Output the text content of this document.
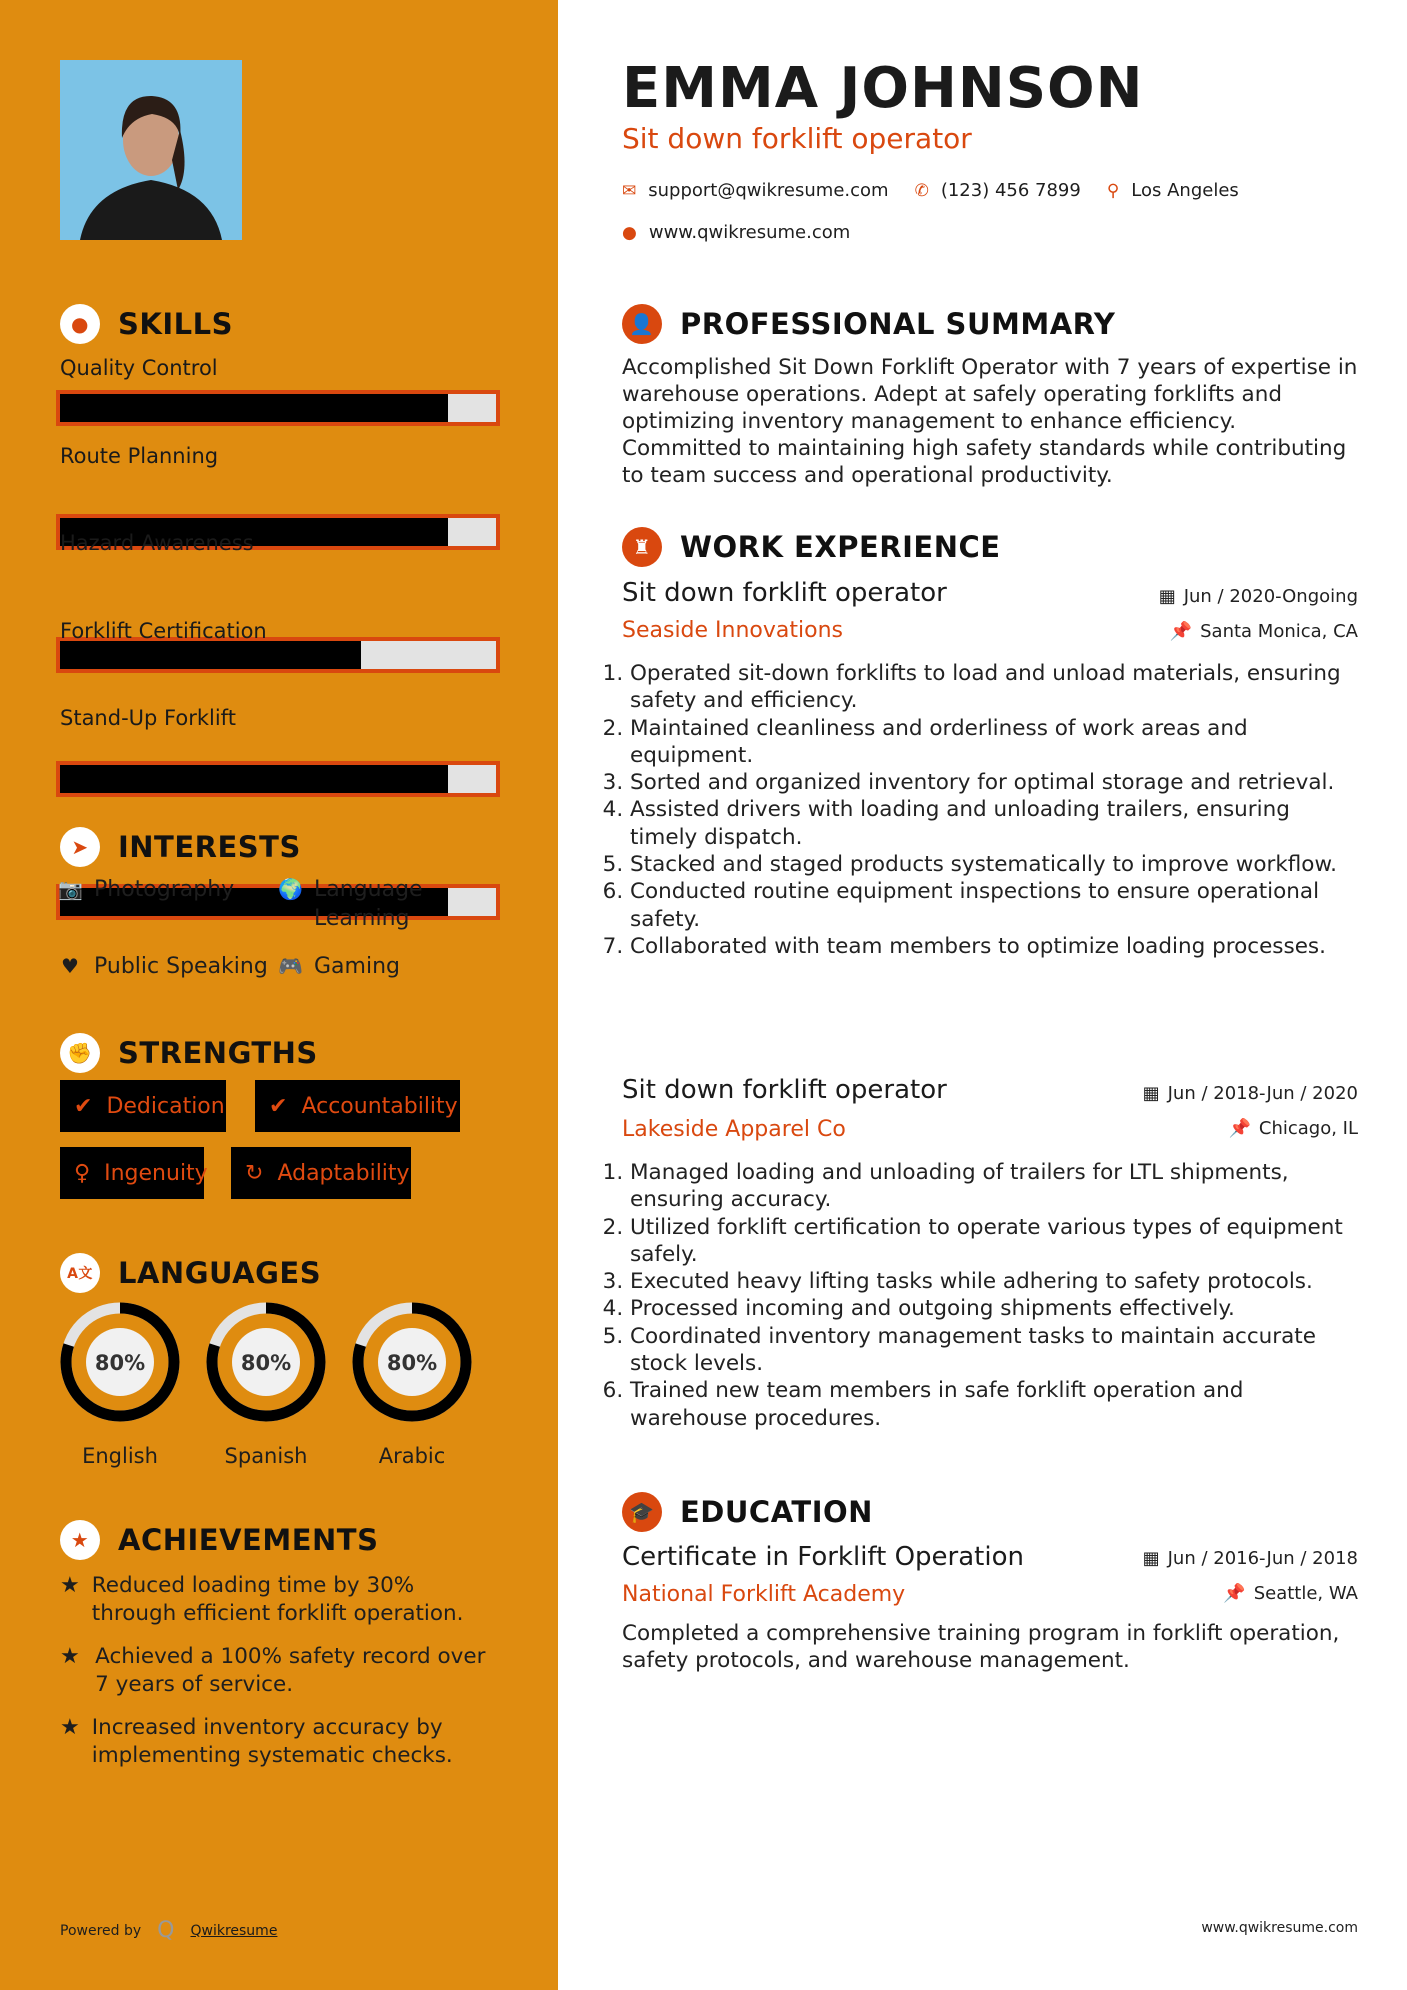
●	SKILLS
Quality Control
Route Planning
Hazard Awareness
Forklift Certification
Stand-Up Forklift
➤	INTERESTS
📷 Photography 🌍 Language Learning
♥ Public Speaking 🎮 Gaming
✊ STRENGTHS
✔ Dedication ✔ Accountability
♀ Ingenuity ↻ Adaptability
A文 LANGUAGES
80%
English
80%
Spanish
80%
Arabic
★ ACHIEVEMENTS
★ Reduced loading time by 30% through efficient forklift operation.
★ Achieved a 100% safety record over 7 years of service.
★ Increased inventory accuracy by implementing systematic checks.
Powered by Q Qwikresume
EMMA JOHNSON
Sit down forklift operator
✉ support@qwikresume.com ✆ (123) 456 7899 ⚲ Los Angeles
● www.qwikresume.com
👤 PROFESSIONAL SUMMARY
Accomplished Sit Down Forklift Operator with 7 years of expertise in warehouse operations. Adept at safely operating forklifts and optimizing inventory management to enhance efficiency. Committed to maintaining high safety standards while contributing to team success and operational productivity.
♜ WORK EXPERIENCE
Sit down forklift operator
Seaside Innovations
▦ Jun / 2020-Ongoing
📌 Santa Monica, CA
1. Operated sit-down forklifts to load and unload materials, ensuring safety and efficiency.
2. Maintained cleanliness and orderliness of work areas and equipment.
3. Sorted and organized inventory for optimal storage and retrieval.
4. Assisted drivers with loading and unloading trailers, ensuring timely dispatch.
5. Stacked and staged products systematically to improve workflow.
6. Conducted routine equipment inspections to ensure operational safety.
7. Collaborated with team members to optimize loading processes.
Sit down forklift operator
Lakeside Apparel Co
▦ Jun / 2018-Jun / 2020
📌 Chicago, IL
1. Managed loading and unloading of trailers for LTL shipments, ensuring accuracy.
2. Utilized forklift certification to operate various types of equipment safely.
3. Executed heavy lifting tasks while adhering to safety protocols.
4. Processed incoming and outgoing shipments effectively.
5. Coordinated inventory management tasks to maintain accurate stock levels.
6. Trained new team members in safe forklift operation and warehouse procedures.
🎓 EDUCATION
Certificate in Forklift Operation
National Forklift Academy
▦ Jun / 2016-Jun / 2018
📌 Seattle, WA
Completed a comprehensive training program in forklift operation, safety protocols, and warehouse management.
www.qwikresume.com
